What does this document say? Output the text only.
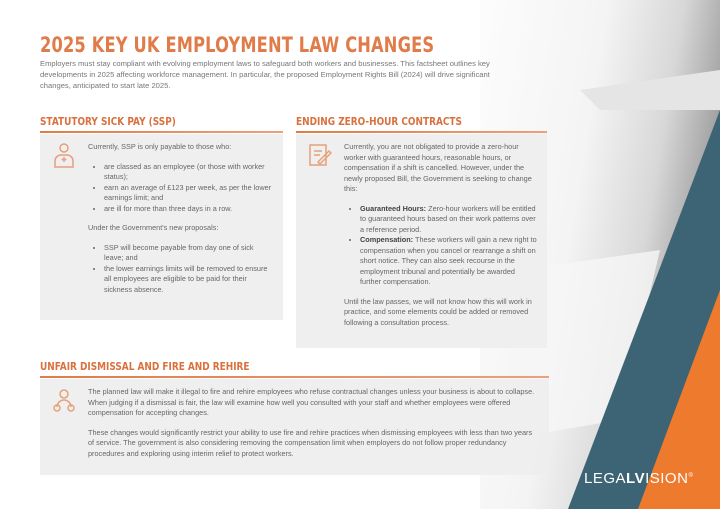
2025 KEY UK EMPLOYMENT LAW CHANGES
Employers must stay compliant with evolving employment laws to safeguard both workers and businesses. This factsheet outlines key developments in 2025 affecting workforce management. In particular, the proposed Employment Rights Bill (2024) will drive significant changes, anticipated to start late 2025.
STATUTORY SICK PAY (SSP)

Currently, SSP is only payable to those who:

• are classed as an employee (or those with worker status);
• earn an average of £123 per week, as per the lower earnings limit; and
• are ill for more than three days in a row.

Under the Government's new proposals:

• SSP will become payable from day one of sick leave; and
• the lower earnings limits will be removed to ensure all employees are eligible to be paid for their sickness absence.
ENDING ZERO-HOUR CONTRACTS

Currently, you are not obligated to provide a zero-hour worker with guaranteed hours, reasonable hours, or compensation if a shift is cancelled. However, under the newly proposed Bill, the Government is seeking to change this:

• Guaranteed Hours: Zero-hour workers will be entitled to guaranteed hours based on their work patterns over a reference period.
• Compensation: These workers will gain a new right to compensation when you cancel or rearrange a shift on short notice. They can also seek recourse in the employment tribunal and potentially be awarded further compensation.

Until the law passes, we will not know how this will work in practice, and some elements could be added or removed following a consultation process.

UNFAIR DISMISSAL AND FIRE AND REHIRE

The planned law will make it illegal to fire and rehire employees who refuse contractual changes unless your business is about to collapse. When judging if a dismissal is fair, the law will examine how well you consulted with your staff and whether employees were offered compensation for accepting changes.

These changes would significantly restrict your ability to use fire and rehire practices when dismissing employees with less than two years of service. The government is also considering removing the compensation limit when employers do not follow proper redundancy procedures and exploring using interim relief to protect workers.

LEGALVISION®
